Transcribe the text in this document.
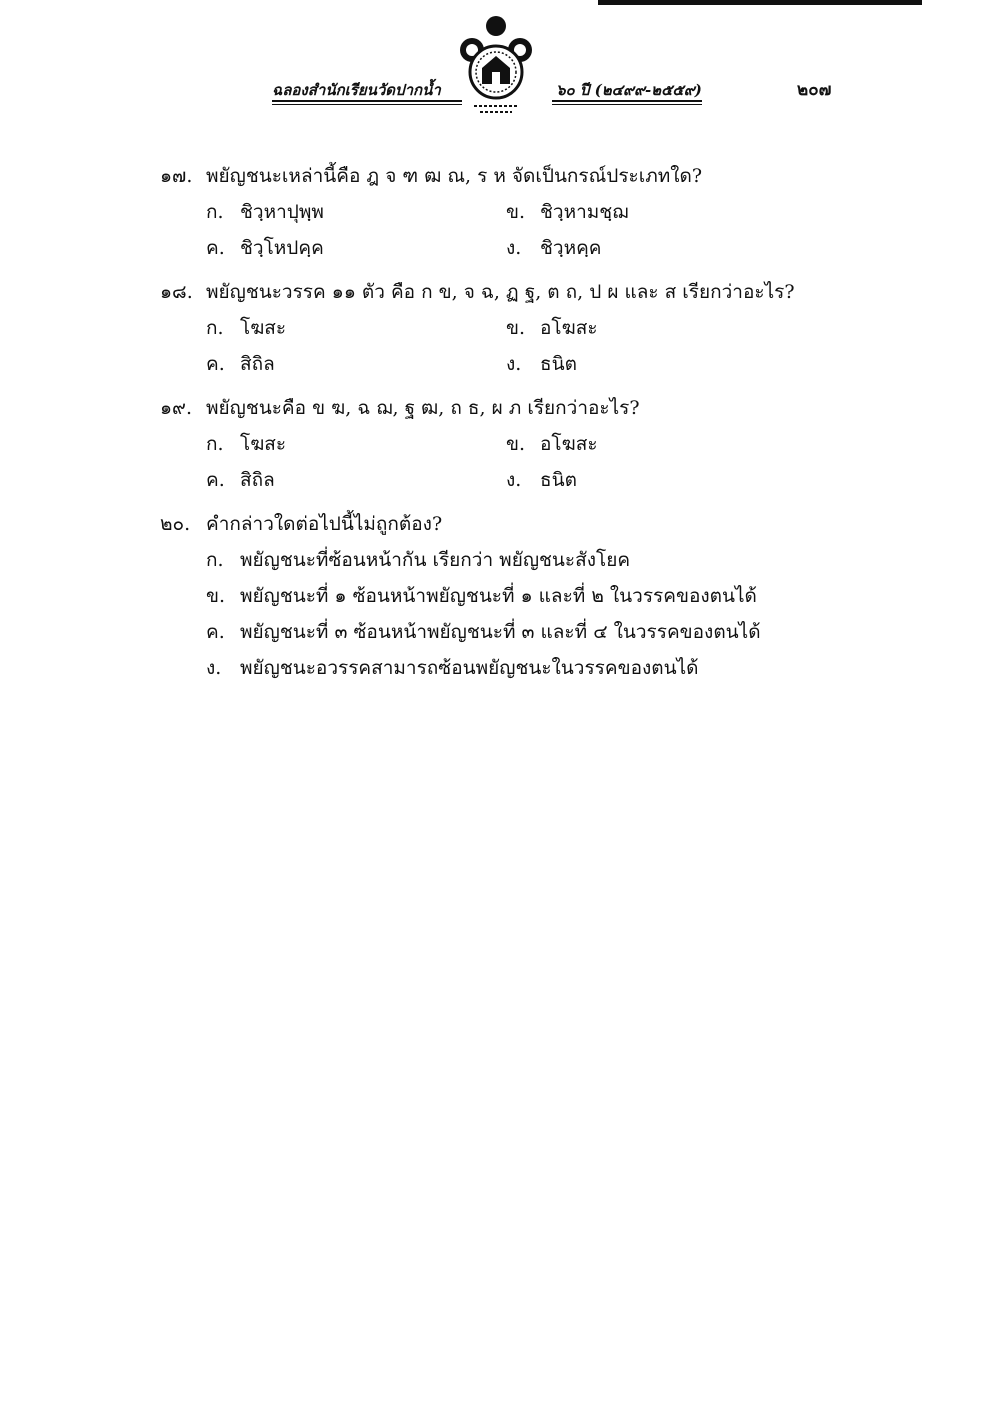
ฉลองสำนักเรียนวัดปากน้ำ	๖๐ ปี (๒๔๙๙-๒๕๕๙)	๒๐๗
๑๗. พยัญชนะเหล่านี้คือ ฎ จ ฑ ฒ ณ, ร ห จัดเป็นกรณ์ประเภทใด?
ก. ชิวฺหาปุพฺพ	ข. ชิวฺหามชฺฌ
ค. ชิวฺโหปคฺค	ง. ชิวฺหคฺค
๑๘. พยัญชนะวรรค ๑๑ ตัว คือ ก ข, จ ฉ, ฏ ฐ, ต ถ, ป ผ และ ส เรียกว่าอะไร?
ก. โฆสะ	ข. อโฆสะ
ค. สิถิล	ง. ธนิต
๑๙. พยัญชนะคือ ข ฆ, ฉ ฌ, ฐ ฒ, ถ ธ, ผ ภ เรียกว่าอะไร?
ก. โฆสะ	ข. อโฆสะ
ค. สิถิล	ง. ธนิต
๒๐. คำกล่าวใดต่อไปนี้ไม่ถูกต้อง?
ก. พยัญชนะที่ซ้อนหน้ากัน เรียกว่า พยัญชนะสังโยค
ข. พยัญชนะที่ ๑ ซ้อนหน้าพยัญชนะที่ ๑ และที่ ๒ ในวรรคของตนได้
ค. พยัญชนะที่ ๓ ซ้อนหน้าพยัญชนะที่ ๓ และที่ ๔ ในวรรคของตนได้
ง. พยัญชนะอวรรคสามารถซ้อนพยัญชนะในวรรคของตนได้
